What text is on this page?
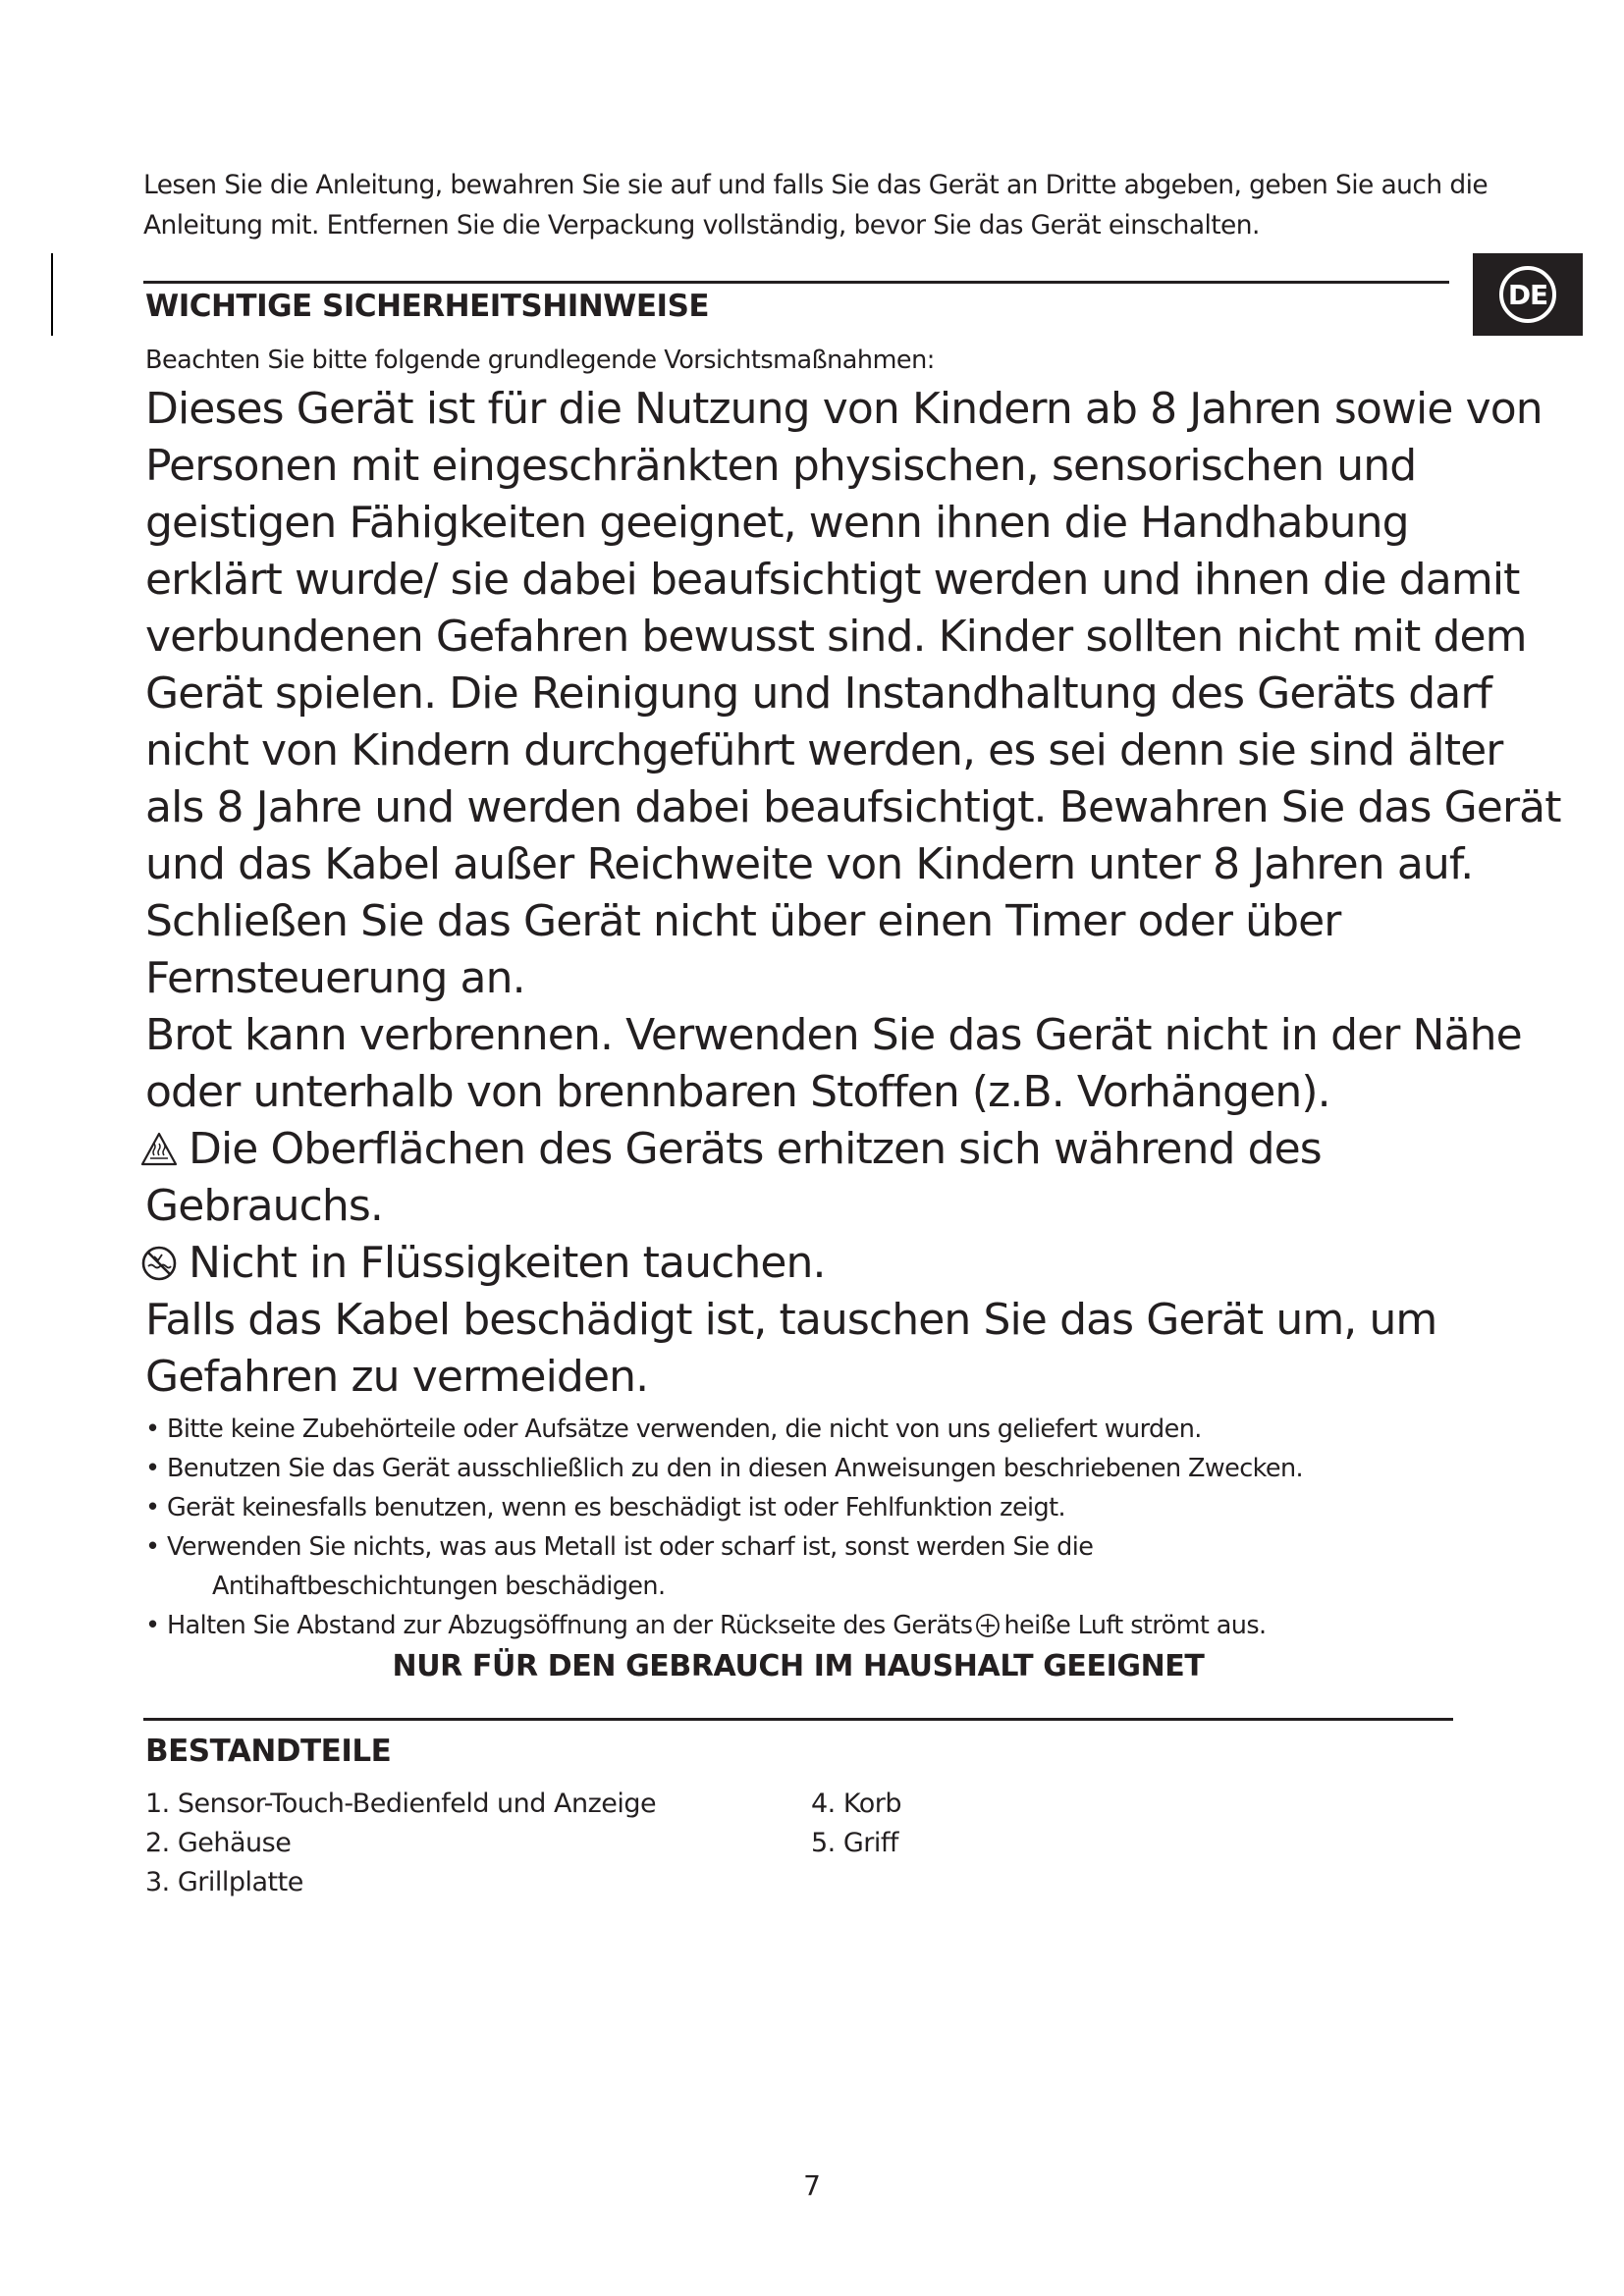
Lesen Sie die Anleitung, bewahren Sie sie auf und falls Sie das Gerät an Dritte abgeben, geben Sie auch die

Anleitung mit. Entfernen Sie die Verpackung vollständig, bevor Sie das Gerät einschalten.

DE

WICHTIGE SICHERHEITSHINWEISE

Beachten Sie bitte folgende grundlegende Vorsichtsmaßnahmen:

Dieses Gerät ist für die Nutzung von Kindern ab 8 Jahren sowie von
Personen mit eingeschränkten physischen, sensorischen und
geistigen Fähigkeiten geeignet, wenn ihnen die Handhabung
erklärt wurde/ sie dabei beaufsichtigt werden und ihnen die damit
verbundenen Gefahren bewusst sind. Kinder sollten nicht mit dem
Gerät spielen. Die Reinigung und Instandhaltung des Geräts darf
nicht von Kindern durchgeführt werden, es sei denn sie sind älter
als 8 Jahre und werden dabei beaufsichtigt. Bewahren Sie das Gerät
und das Kabel außer Reichweite von Kindern unter 8 Jahren auf.
Schließen Sie das Gerät nicht über einen Timer oder über
Fernsteuerung an.
Brot kann verbrennen. Verwenden Sie das Gerät nicht in der Nähe
oder unterhalb von brennbaren Stoffen (z.B. Vorhängen).
Die Oberflächen des Geräts erhitzen sich während des
Gebrauchs.
Nicht in Flüssigkeiten tauchen.
Falls das Kabel beschädigt ist, tauschen Sie das Gerät um, um
Gefahren zu vermeiden.
• Bitte keine Zubehörteile oder Aufsätze verwenden, die nicht von uns geliefert wurden.
• Benutzen Sie das Gerät ausschließlich zu den in diesen Anweisungen beschriebenen Zwecken.
• Gerät keinesfalls benutzen, wenn es beschädigt ist oder Fehlfunktion zeigt.
• Verwenden Sie nichts, was aus Metall ist oder scharf ist, sonst werden Sie die
Antihaftbeschichtungen beschädigen.
• Halten Sie Abstand zur Abzugsöffnung an der Rückseite des Geräts heiße Luft strömt aus.

NUR FÜR DEN GEBRAUCH IM HAUSHALT GEEIGNET

BESTANDTEILE

1. Sensor-Touch-Bedienfeld und Anzeige
2. Gehäuse
3. Grillplatte
4. Korb
5. Griff
7
